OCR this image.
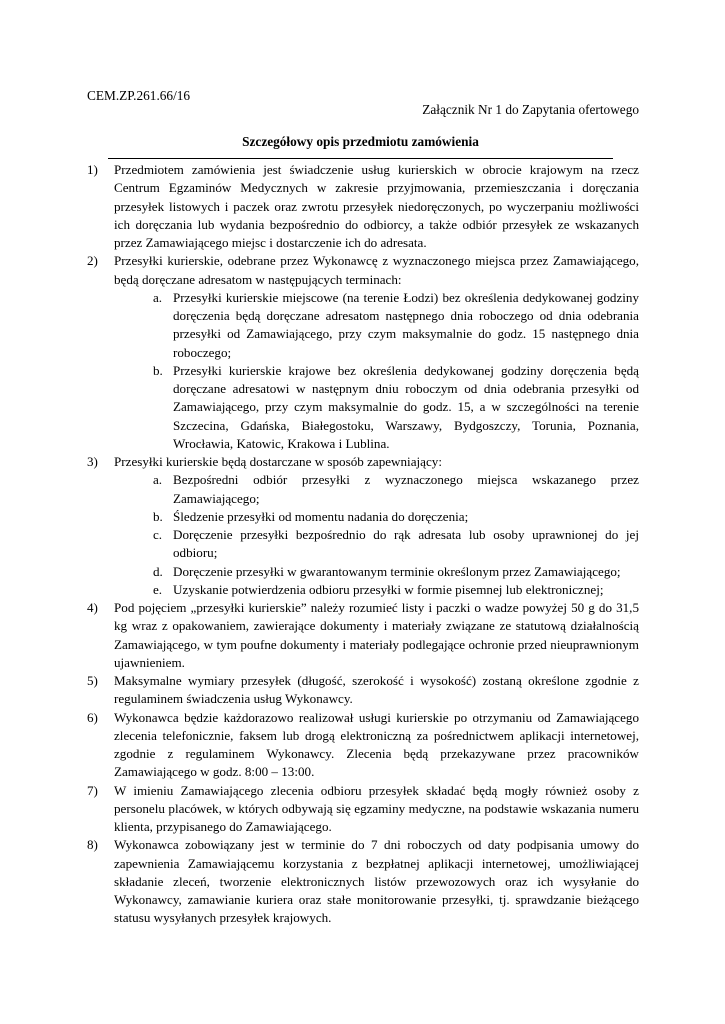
CEM.ZP.261.66/16
Załącznik Nr 1 do Zapytania ofertowego
Szczegółowy opis przedmiotu zamówienia
1) Przedmiotem zamówienia jest świadczenie usług kurierskich w obrocie krajowym na rzecz Centrum Egzaminów Medycznych w zakresie przyjmowania, przemieszczania i doręczania przesyłek listowych i paczek oraz zwrotu przesyłek niedoręczonych, po wyczerpaniu możliwości ich doręczania lub wydania bezpośrednio do odbiorcy, a także odbiór przesyłek ze wskazanych przez Zamawiającego miejsc i dostarczenie ich do adresata.
2) Przesyłki kurierskie, odebrane przez Wykonawcę z wyznaczonego miejsca przez Zamawiającego, będą doręczane adresatom w następujących terminach:
a. Przesyłki kurierskie miejscowe (na terenie Łodzi) bez określenia dedykowanej godziny doręczenia będą doręczane adresatom następnego dnia roboczego od dnia odebrania przesyłki od Zamawiającego, przy czym maksymalnie do godz. 15 następnego dnia roboczego;
b. Przesyłki kurierskie krajowe bez określenia dedykowanej godziny doręczenia będą doręczane adresatowi w następnym dniu roboczym od dnia odebrania przesyłki od Zamawiającego, przy czym maksymalnie do godz. 15, a w szczególności na terenie Szczecina, Gdańska, Białegostoku, Warszawy, Bydgoszczy, Torunia, Poznania, Wrocławia, Katowic, Krakowa i Lublina.
3) Przesyłki kurierskie będą dostarczane w sposób zapewniający:
a. Bezpośredni odbiór przesyłki z wyznaczonego miejsca wskazanego przez Zamawiającego;
b. Śledzenie przesyłki od momentu nadania do doręczenia;
c. Doręczenie przesyłki bezpośrednio do rąk adresata lub osoby uprawnionej do jej odbioru;
d. Doręczenie przesyłki w gwarantowanym terminie określonym przez Zamawiającego;
e. Uzyskanie potwierdzenia odbioru przesyłki w formie pisemnej lub elektronicznej;
4) Pod pojęciem „przesyłki kurierskie” należy rozumieć listy i paczki o wadze powyżej 50 g do 31,5 kg wraz z opakowaniem, zawierające dokumenty i materiały związane ze statutową działalnością Zamawiającego, w tym poufne dokumenty i materiały podlegające ochronie przed nieuprawnionym ujawnieniem.
5) Maksymalne wymiary przesyłek (długość, szerokość i wysokość) zostaną określone zgodnie z regulaminem świadczenia usług Wykonawcy.
6) Wykonawca będzie każdorazowo realizował usługi kurierskie po otrzymaniu od Zamawiającego zlecenia telefonicznie, faksem lub drogą elektroniczną za pośrednictwem aplikacji internetowej, zgodnie z regulaminem Wykonawcy. Zlecenia będą przekazywane przez pracowników Zamawiającego w godz. 8:00 – 13:00.
7) W imieniu Zamawiającego zlecenia odbioru przesyłek składać będą mogły również osoby z personelu placówek, w których odbywają się egzaminy medyczne, na podstawie wskazania numeru klienta, przypisanego do Zamawiającego.
8) Wykonawca zobowiązany jest w terminie do 7 dni roboczych od daty podpisania umowy do zapewnienia Zamawiającemu korzystania z bezpłatnej aplikacji internetowej, umożliwiającej składanie zleceń, tworzenie elektronicznych listów przewozowych oraz ich wysyłanie do Wykonawcy, zamawianie kuriera oraz stałe monitorowanie przesyłki, tj. sprawdzanie bieżącego statusu wysyłanych przesyłek krajowych.
